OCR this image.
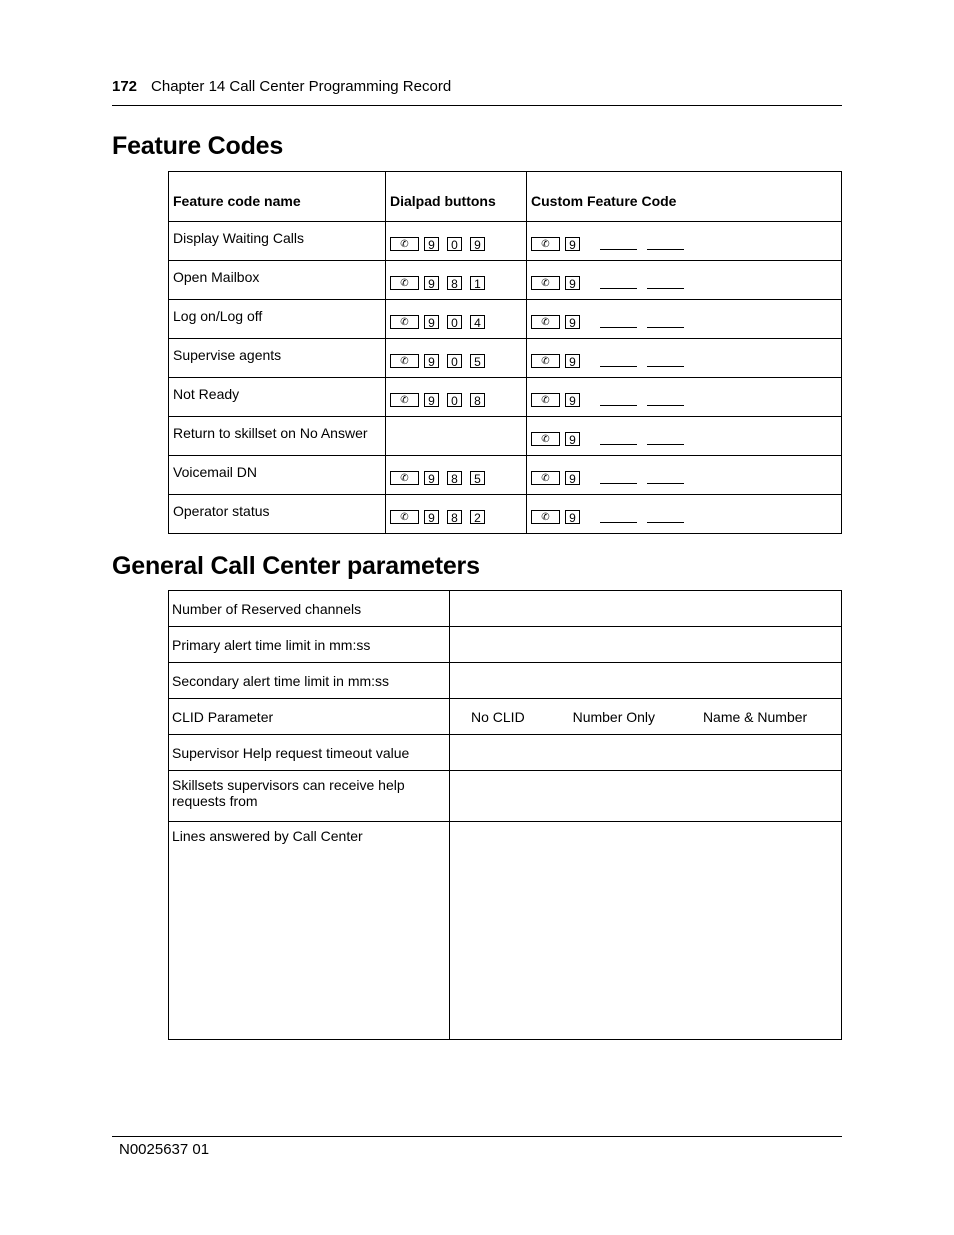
172 Chapter 14 Call Center Programming Record
Feature Codes
Feature code name	Dialpad buttons	Custom Feature Code
Display Waiting Calls	✆ 9 0 9	✆ 9
Open Mailbox	✆ 9 8 1	✆ 9
Log on/Log off	✆ 9 0 4	✆ 9
Supervise agents	✆ 9 0 5	✆ 9
Not Ready	✆ 9 0 8	✆ 9
Return to skillset on No Answer		✆ 9
Voicemail DN	✆ 9 8 5	✆ 9
Operator status	✆ 9 8 2	✆ 9
General Call Center parameters
Number of Reserved channels	
Primary alert time limit in mm:ss	
Secondary alert time limit in mm:ss	
CLID Parameter	No CLID Number Only Name & Number
Supervisor Help request timeout value	
Skillsets supervisors can receive help requests from	
Lines answered by Call Center	
N0025637 01
